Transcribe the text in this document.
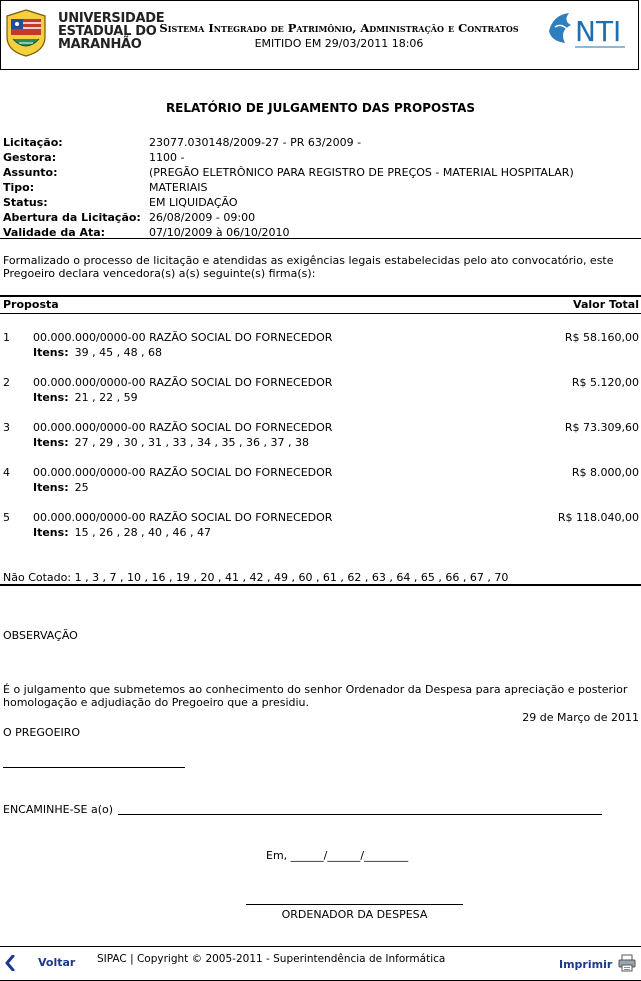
UNIVERSIDADE
ESTADUAL DO
MARANHÃO
Sistema Integrado de Patrimônio, Administração e Contratos
EMITIDO EM 29/03/2011 18:06	NTI
RELATÓRIO DE JULGAMENTO DAS PROPOSTAS
Licitação:	23077.030148/2009-27 - PR 63/2009 -
Gestora:	1100 -
Assunto:	(PREGÃO ELETRÔNICO PARA REGISTRO DE PREÇOS - MATERIAL HOSPITALAR)
Tipo:	MATERIAIS
Status:	EM LIQUIDAÇÃO
Abertura da Licitação: 26/08/2009 - 09:00
Validade da Ata:	07/10/2009 à 06/10/2010
Formalizado o processo de licitação e atendidas as exigências legais estabelecidas pelo ato convocatório, este Pregoeiro declara vencedora(s) a(s) seguinte(s) firma(s):
Proposta	Valor Total
1 00.000.000/0000-00 RAZÃO SOCIAL DO FORNECEDOR	R$ 58.160,00
Itens: 39 , 45 , 48 , 68
2 00.000.000/0000-00 RAZÃO SOCIAL DO FORNECEDOR	R$ 5.120,00
Itens: 21 , 22 , 59
3 00.000.000/0000-00 RAZÃO SOCIAL DO FORNECEDOR	R$ 73.309,60
Itens: 27 , 29 , 30 , 31 , 33 , 34 , 35 , 36 , 37 , 38
4 00.000.000/0000-00 RAZÃO SOCIAL DO FORNECEDOR	R$ 8.000,00
Itens: 25
5 00.000.000/0000-00 RAZÃO SOCIAL DO FORNECEDOR	R$ 118.040,00
Itens: 15 , 26 , 28 , 40 , 46 , 47
Não Cotado: 1 , 3 , 7 , 10 , 16 , 19 , 20 , 41 , 42 , 49 , 60 , 61 , 62 , 63 , 64 , 65 , 66 , 67 , 70
OBSERVAÇÃO
É o julgamento que submetemos ao conhecimento do senhor Ordenador da Despesa para apreciação e posterior homologação e adjudiação do Pregoeiro que a presidiu.
29 de Março de 2011
O PREGOEIRO
ENCAMINHE-SE a(o)
Em, ______/______/________
ORDENADOR DA DESPESA
Voltar SIPAC | Copyright © 2005-2011 - Superintendência de Informática	Imprimir
